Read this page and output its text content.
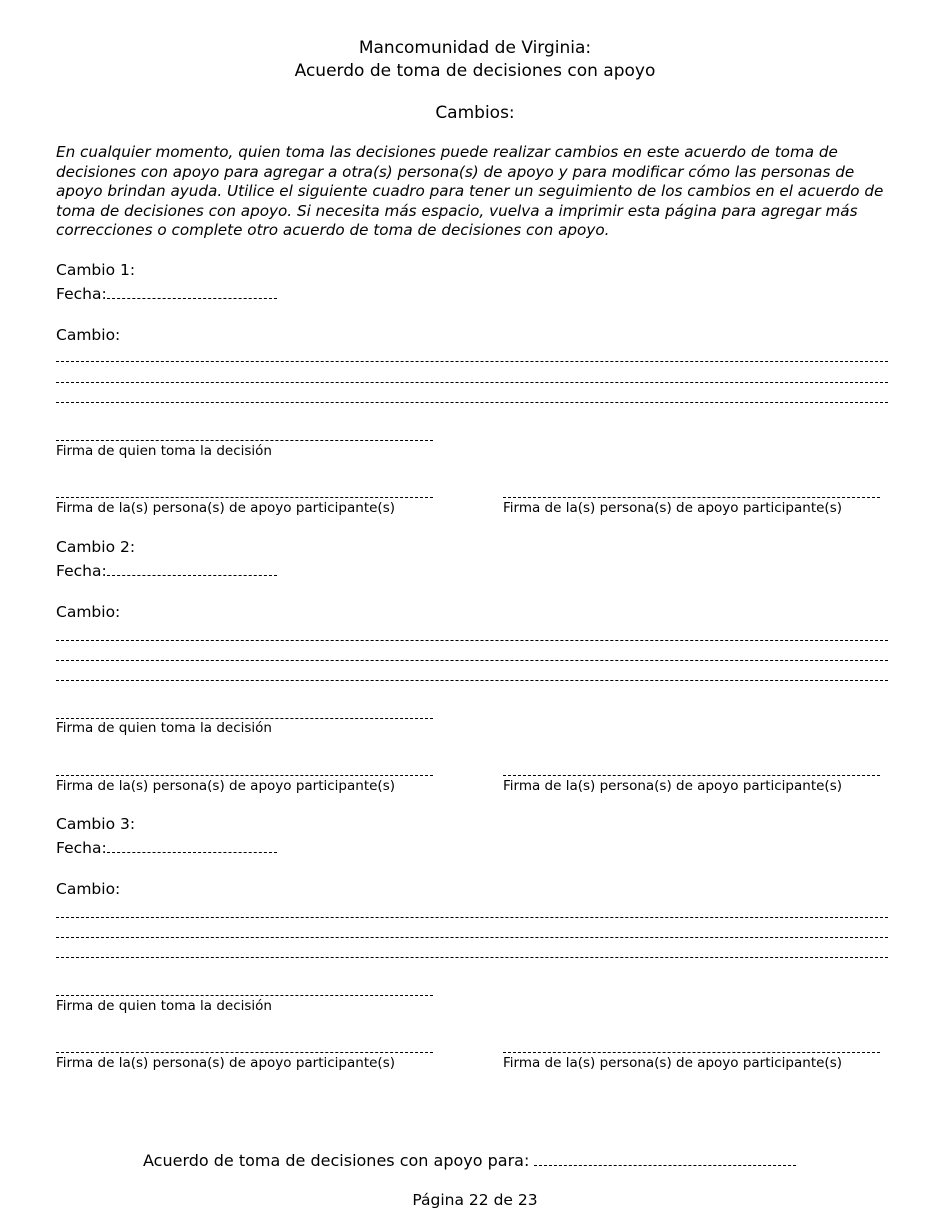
Mancomunidad de Virginia:
Acuerdo de toma de decisiones con apoyo
Cambios:

En cualquier momento, quien toma las decisiones puede realizar cambios en este acuerdo de toma de decisiones con apoyo para agregar a otra(s) persona(s) de apoyo y para modificar cómo las personas de apoyo brindan ayuda. Utilice el siguiente cuadro para tener un seguimiento de los cambios en el acuerdo de toma de decisiones con apoyo. Si necesita más espacio, vuelva a imprimir esta página para agregar más correcciones o complete otro acuerdo de toma de decisiones con apoyo.

Cambio 1:
Fecha:
Cambio:
Firma de quien toma la decisión
Firma de la(s) persona(s) de apoyo participante(s)	Firma de la(s) persona(s) de apoyo participante(s)
Cambio 2:
Fecha:
Cambio:
Firma de quien toma la decisión
Firma de la(s) persona(s) de apoyo participante(s)	Firma de la(s) persona(s) de apoyo participante(s)
Cambio 3:
Fecha:
Cambio:
Firma de quien toma la decisión
Firma de la(s) persona(s) de apoyo participante(s)	Firma de la(s) persona(s) de apoyo participante(s)
Acuerdo de toma de decisiones con apoyo para:
Página 22 de 23
